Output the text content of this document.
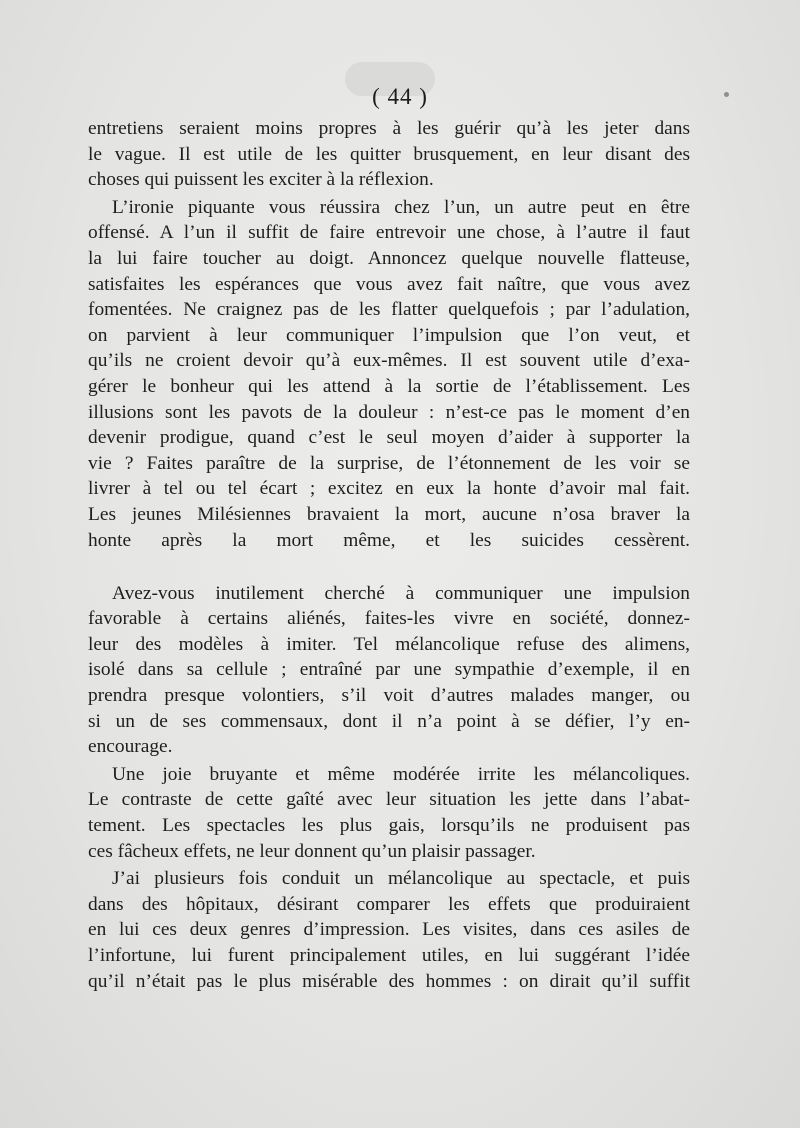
( 44 )
entretiens seraient moins propres à les guérir qu’à les jeter dans
le vague. Il est utile de les quitter brusquement, en leur disant des
choses qui puissent les exciter à la réflexion.
L’ironie piquante vous réussira chez l’un, un autre peut en être
offensé. A l’un il suffit de faire entrevoir une chose, à l’autre il faut
la lui faire toucher au doigt. Annoncez quelque nouvelle flatteuse,
satisfaites les espérances que vous avez fait naître, que vous avez
fomentées. Ne craignez pas de les flatter quelquefois ; par l’adulation,
on parvient à leur communiquer l’impulsion que l’on veut, et
qu’ils ne croient devoir qu’à eux-mêmes. Il est souvent utile d’exa-
gérer le bonheur qui les attend à la sortie de l’établissement. Les
illusions sont les pavots de la douleur : n’est-ce pas le moment d’en
devenir prodigue, quand c’est le seul moyen d’aider à supporter la
vie ? Faites paraître de la surprise, de l’étonnement de les voir se
livrer à tel ou tel écart ; excitez en eux la honte d’avoir mal fait.
Les jeunes Milésiennes bravaient la mort, aucune n’osa braver la
honte après la mort même, et les suicides cessèrent.
Avez-vous inutilement cherché à communiquer une impulsion
favorable à certains aliénés, faites-les vivre en société, donnez-
leur des modèles à imiter. Tel mélancolique refuse des alimens,
isolé dans sa cellule ; entraîné par une sympathie d’exemple, il en
prendra presque volontiers, s’il voit d’autres malades manger, ou
si un de ses commensaux, dont il n’a point à se défier, l’y en-
encourage.
Une joie bruyante et même modérée irrite les mélancoliques.
Le contraste de cette gaîté avec leur situation les jette dans l’abat-
tement. Les spectacles les plus gais, lorsqu’ils ne produisent pas
ces fâcheux effets, ne leur donnent qu’un plaisir passager.
J’ai plusieurs fois conduit un mélancolique au spectacle, et puis
dans des hôpitaux, désirant comparer les effets que produiraient
en lui ces deux genres d’impression. Les visites, dans ces asiles de
l’infortune, lui furent principalement utiles, en lui suggérant l’idée
qu’il n’était pas le plus misérable des hommes : on dirait qu’il suffit
